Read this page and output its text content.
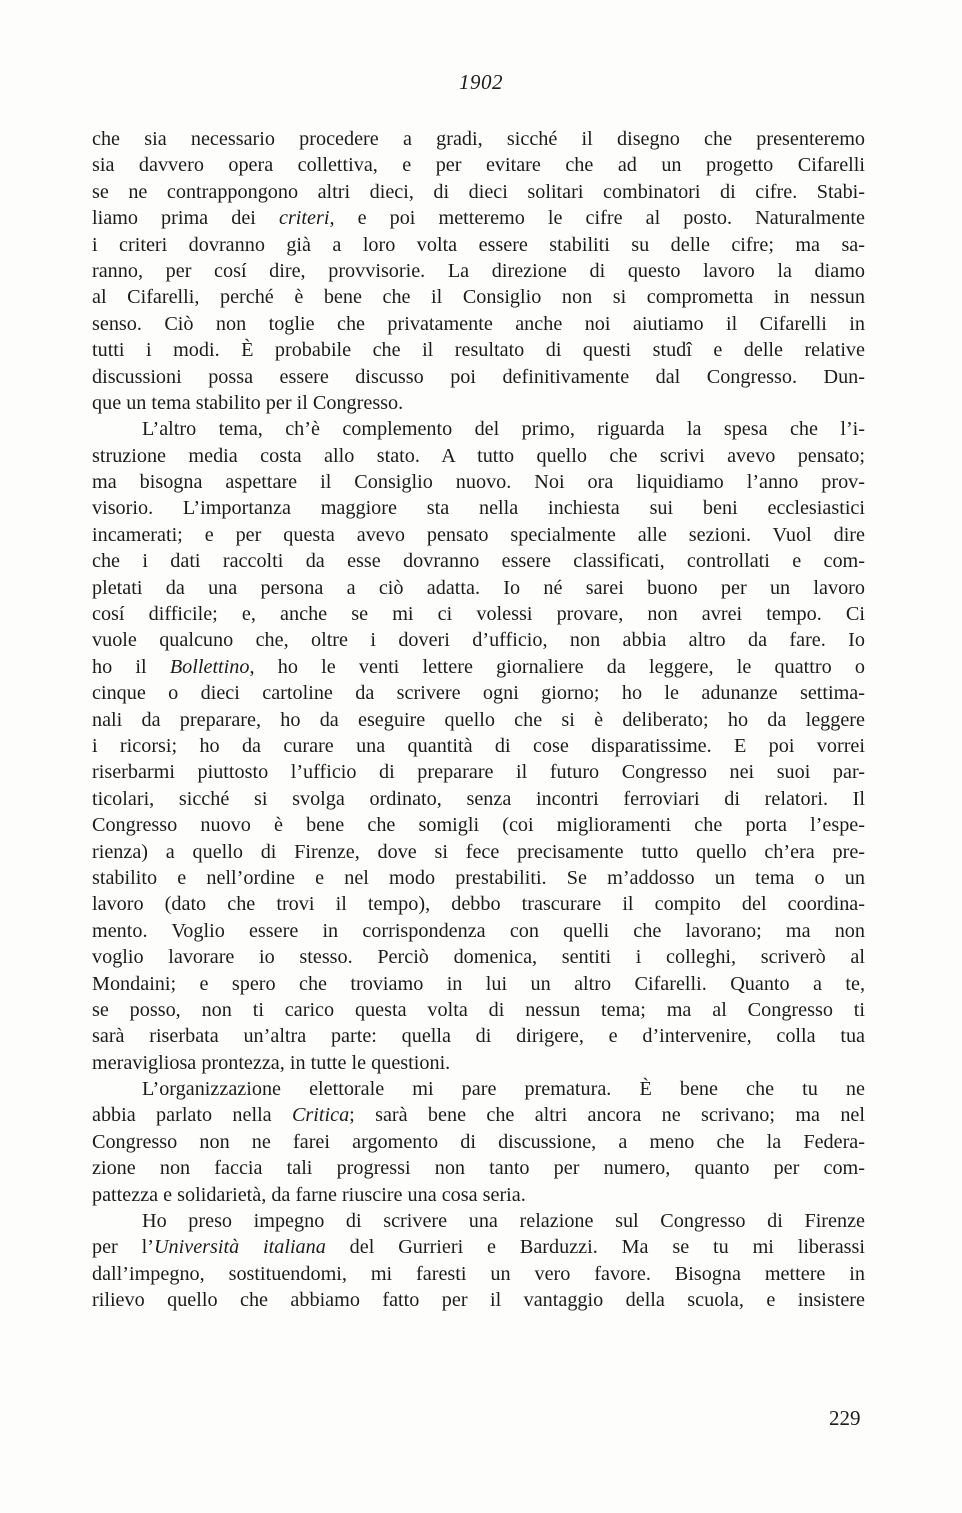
1902
che sia necessario procedere a gradi, sicché il disegno che presenteremo
sia davvero opera collettiva, e per evitare che ad un progetto Cifarelli
se ne contrappongono altri dieci, di dieci solitari combinatori di cifre. Stabi-
liamo prima dei criteri, e poi metteremo le cifre al posto. Naturalmente
i criteri dovranno già a loro volta essere stabiliti su delle cifre; ma sa-
ranno, per cosí dire, provvisorie. La direzione di questo lavoro la diamo
al Cifarelli, perché è bene che il Consiglio non si comprometta in nessun
senso. Ciò non toglie che privatamente anche noi aiutiamo il Cifarelli in
tutti i modi. È probabile che il resultato di questi studî e delle relative
discussioni possa essere discusso poi definitivamente dal Congresso. Dun-
que un tema stabilito per il Congresso.
L’altro tema, ch’è complemento del primo, riguarda la spesa che l’i-
struzione media costa allo stato. A tutto quello che scrivi avevo pensato;
ma bisogna aspettare il Consiglio nuovo. Noi ora liquidiamo l’anno prov-
visorio. L’importanza maggiore sta nella inchiesta sui beni ecclesiastici
incamerati; e per questa avevo pensato specialmente alle sezioni. Vuol dire
che i dati raccolti da esse dovranno essere classificati, controllati e com-
pletati da una persona a ciò adatta. Io né sarei buono per un lavoro
cosí difficile; e, anche se mi ci volessi provare, non avrei tempo. Ci
vuole qualcuno che, oltre i doveri d’ufficio, non abbia altro da fare. Io
ho il Bollettino, ho le venti lettere giornaliere da leggere, le quattro o
cinque o dieci cartoline da scrivere ogni giorno; ho le adunanze settima-
nali da preparare, ho da eseguire quello che si è deliberato; ho da leggere
i ricorsi; ho da curare una quantità di cose disparatissime. E poi vorrei
riserbarmi piuttosto l’ufficio di preparare il futuro Congresso nei suoi par-
ticolari, sicché si svolga ordinato, senza incontri ferroviari di relatori. Il
Congresso nuovo è bene che somigli (coi miglioramenti che porta l’espe-
rienza) a quello di Firenze, dove si fece precisamente tutto quello ch’era pre-
stabilito e nell’ordine e nel modo prestabiliti. Se m’addosso un tema o un
lavoro (dato che trovi il tempo), debbo trascurare il compito del coordina-
mento. Voglio essere in corrispondenza con quelli che lavorano; ma non
voglio lavorare io stesso. Perciò domenica, sentiti i colleghi, scriverò al
Mondaini; e spero che troviamo in lui un altro Cifarelli. Quanto a te,
se posso, non ti carico questa volta di nessun tema; ma al Congresso ti
sarà riserbata un’altra parte: quella di dirigere, e d’intervenire, colla tua
meravigliosa prontezza, in tutte le questioni.
L’organizzazione elettorale mi pare prematura. È bene che tu ne
abbia parlato nella Critica; sarà bene che altri ancora ne scrivano; ma nel
Congresso non ne farei argomento di discussione, a meno che la Federa-
zione non faccia tali progressi non tanto per numero, quanto per com-
pattezza e solidarietà, da farne riuscire una cosa seria.
Ho preso impegno di scrivere una relazione sul Congresso di Firenze
per l’Università italiana del Gurrieri e Barduzzi. Ma se tu mi liberassi
dall’impegno, sostituendomi, mi faresti un vero favore. Bisogna mettere in
rilievo quello che abbiamo fatto per il vantaggio della scuola, e insistere
229
